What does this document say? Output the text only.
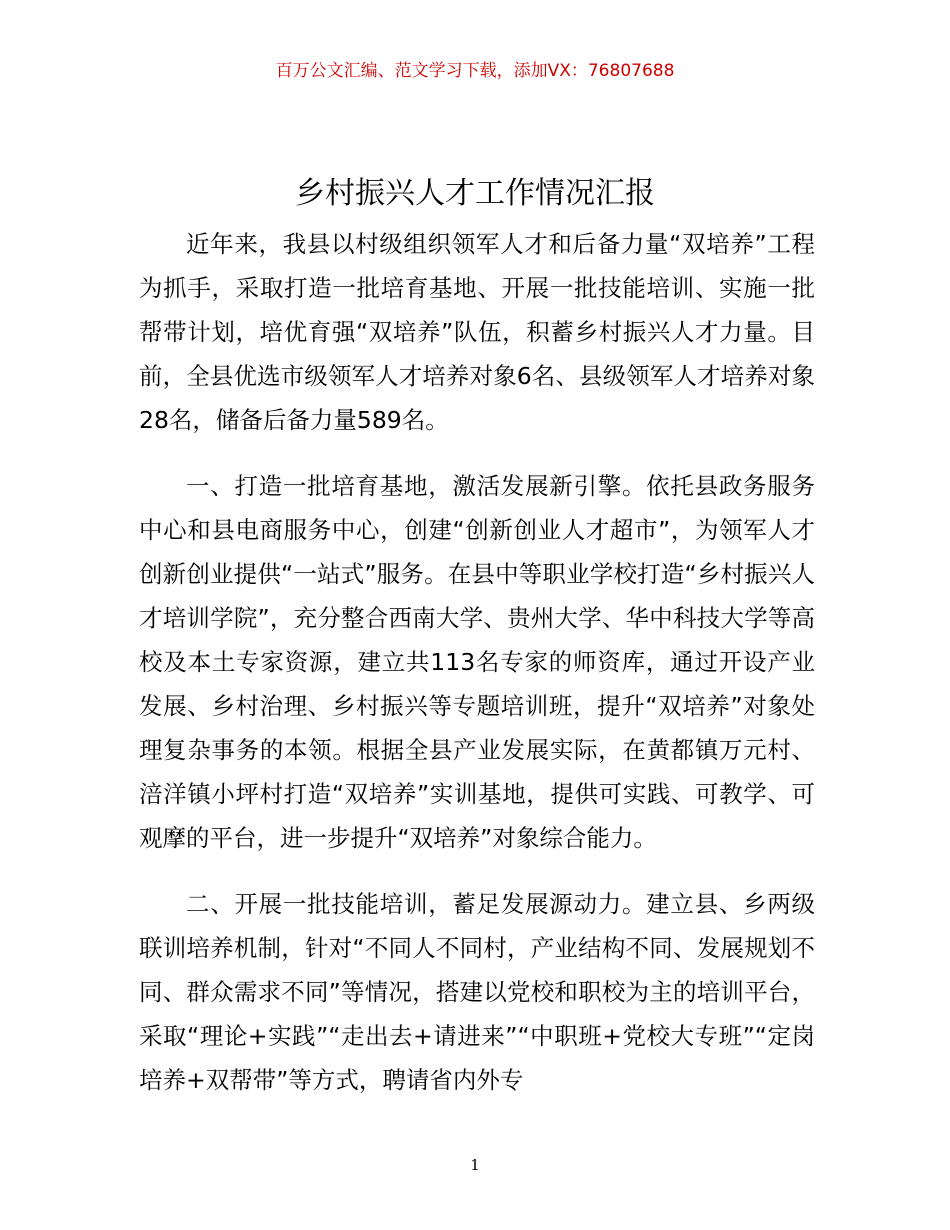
百万公文汇编、范文学习下载，添加VX：76807688
乡村振兴人才工作情况汇报

近年来，我县以村级组织领军人才和后备力量“双培养”工程为抓手，采取打造一批培育基地、开展一批技能培训、实施一批帮带计划，培优育强“双培养”队伍，积蓄乡村振兴人才力量。目前，全县优选市级领军人才培养对象6名、县级领军人才培养对象28名，储备后备力量589名。

一、打造一批培育基地，激活发展新引擎。依托县政务服务中心和县电商服务中心，创建“创新创业人才超市”，为领军人才创新创业提供“一站式”服务。在县中等职业学校打造“乡村振兴人才培训学院”，充分整合西南大学、贵州大学、华中科技大学等高校及本土专家资源，建立共113名专家的师资库，通过开设产业发展、乡村治理、乡村振兴等专题培训班，提升“双培养”对象处理复杂事务的本领。根据全县产业发展实际，在黄都镇万元村、涪洋镇小坪村打造“双培养”实训基地，提供可实践、可教学、可观摩的平台，进一步提升“双培养”对象综合能力。

二、开展一批技能培训，蓄足发展源动力。建立县、乡两级联训培养机制，针对“不同人不同村，产业结构不同、发展规划不同、群众需求不同”等情况，搭建以党校和职校为主的培训平台，采取“理论+实践”“走出去+请进来”“中职班+党校大专班”“定岗培养+双帮带”等方式，聘请省内外专

1
